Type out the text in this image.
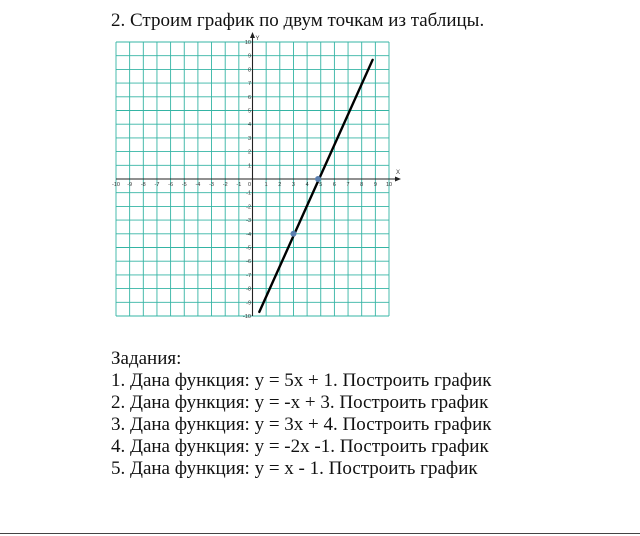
2. Строим график по двум точкам из таблицы.
X
Y
-10 -9 -8 -7 -6 -5 -4 -3 -2 -1	1 2 3 4 5 6 7 8 9 10
-10
-9
-8
-7
-6
-5
-4
-3
-2
-1
1
2
3
4
5
6
7
8
9
10
0
Задания:
1. Дана функция: у = 5х + 1. Построить график
2. Дана функция: у = -х + 3. Построить график
3. Дана функция: у = 3х + 4. Построить график
4. Дана функция: у = -2х -1. Построить график
5. Дана функция: у = х - 1. Построить график
